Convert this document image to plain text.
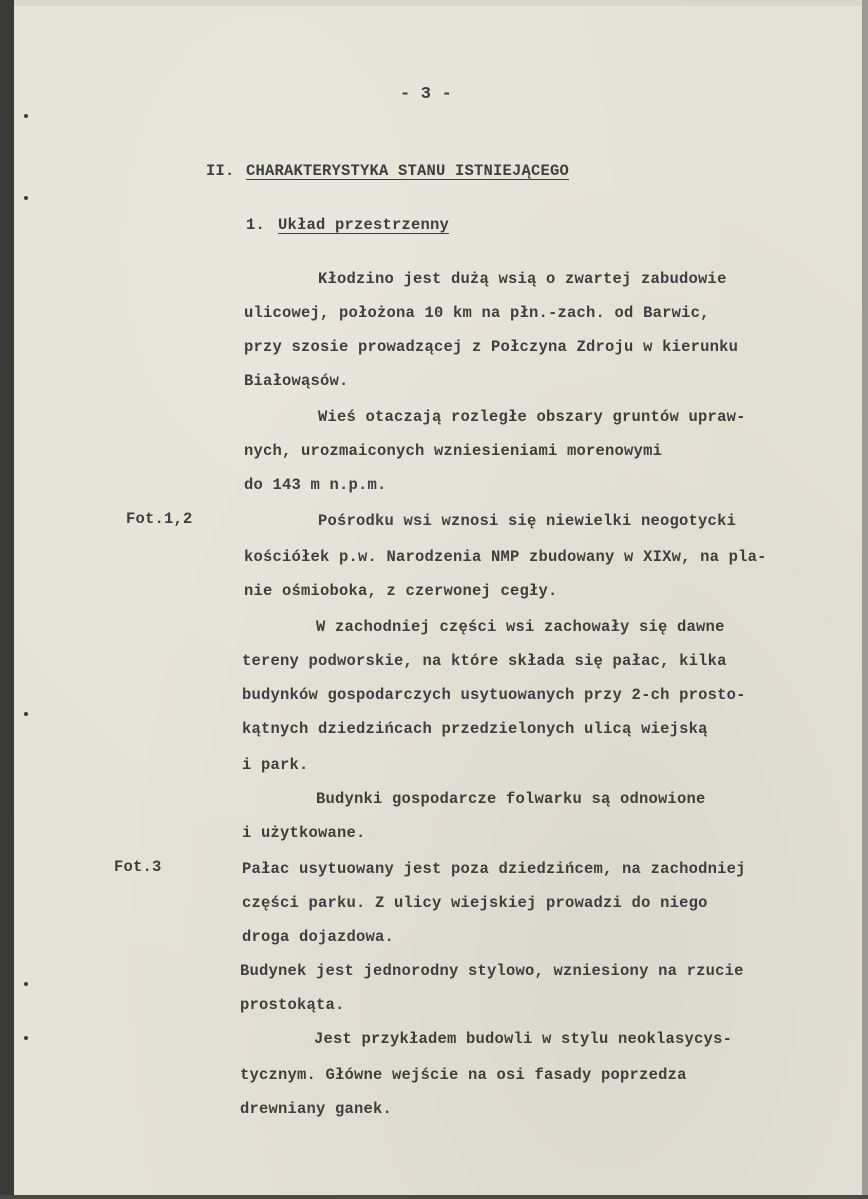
- 3 -
II. CHARAKTERYSTYKA STANU ISTNIEJĄCEGO
1. Układ przestrzenny
Kłodzino jest dużą wsią o zwartej zabudowie
ulicowej, położona 10 km na płn.-zach. od Barwic,
przy szosie prowadzącej z Połczyna Zdroju w kierunku
Białowąsów.
Wieś otaczają rozległe obszary gruntów upraw-
nych, urozmaiconych wzniesieniami morenowymi
do 143 m n.p.m.
Fot.1,2	Pośrodku wsi wznosi się niewielki neogotycki
kościółek p.w. Narodzenia NMP zbudowany w XIXw, na pla-
nie ośmioboka, z czerwonej cegły.
W zachodniej części wsi zachowały się dawne
tereny podworskie, na które składa się pałac, kilka
budynków gospodarczych usytuowanych przy 2-ch prosto-
kątnych dziedzińcach przedzielonych ulicą wiejską
i park.
Budynki gospodarcze folwarku są odnowione
i użytkowane.
Fot.3	Pałac usytuowany jest poza dziedzińcem, na zachodniej
części parku. Z ulicy wiejskiej prowadzi do niego
droga dojazdowa.
Budynek jest jednorodny stylowo, wzniesiony na rzucie
prostokąta.
Jest przykładem budowli w stylu neoklasycys-
tycznym. Główne wejście na osi fasady poprzedza
drewniany ganek.
